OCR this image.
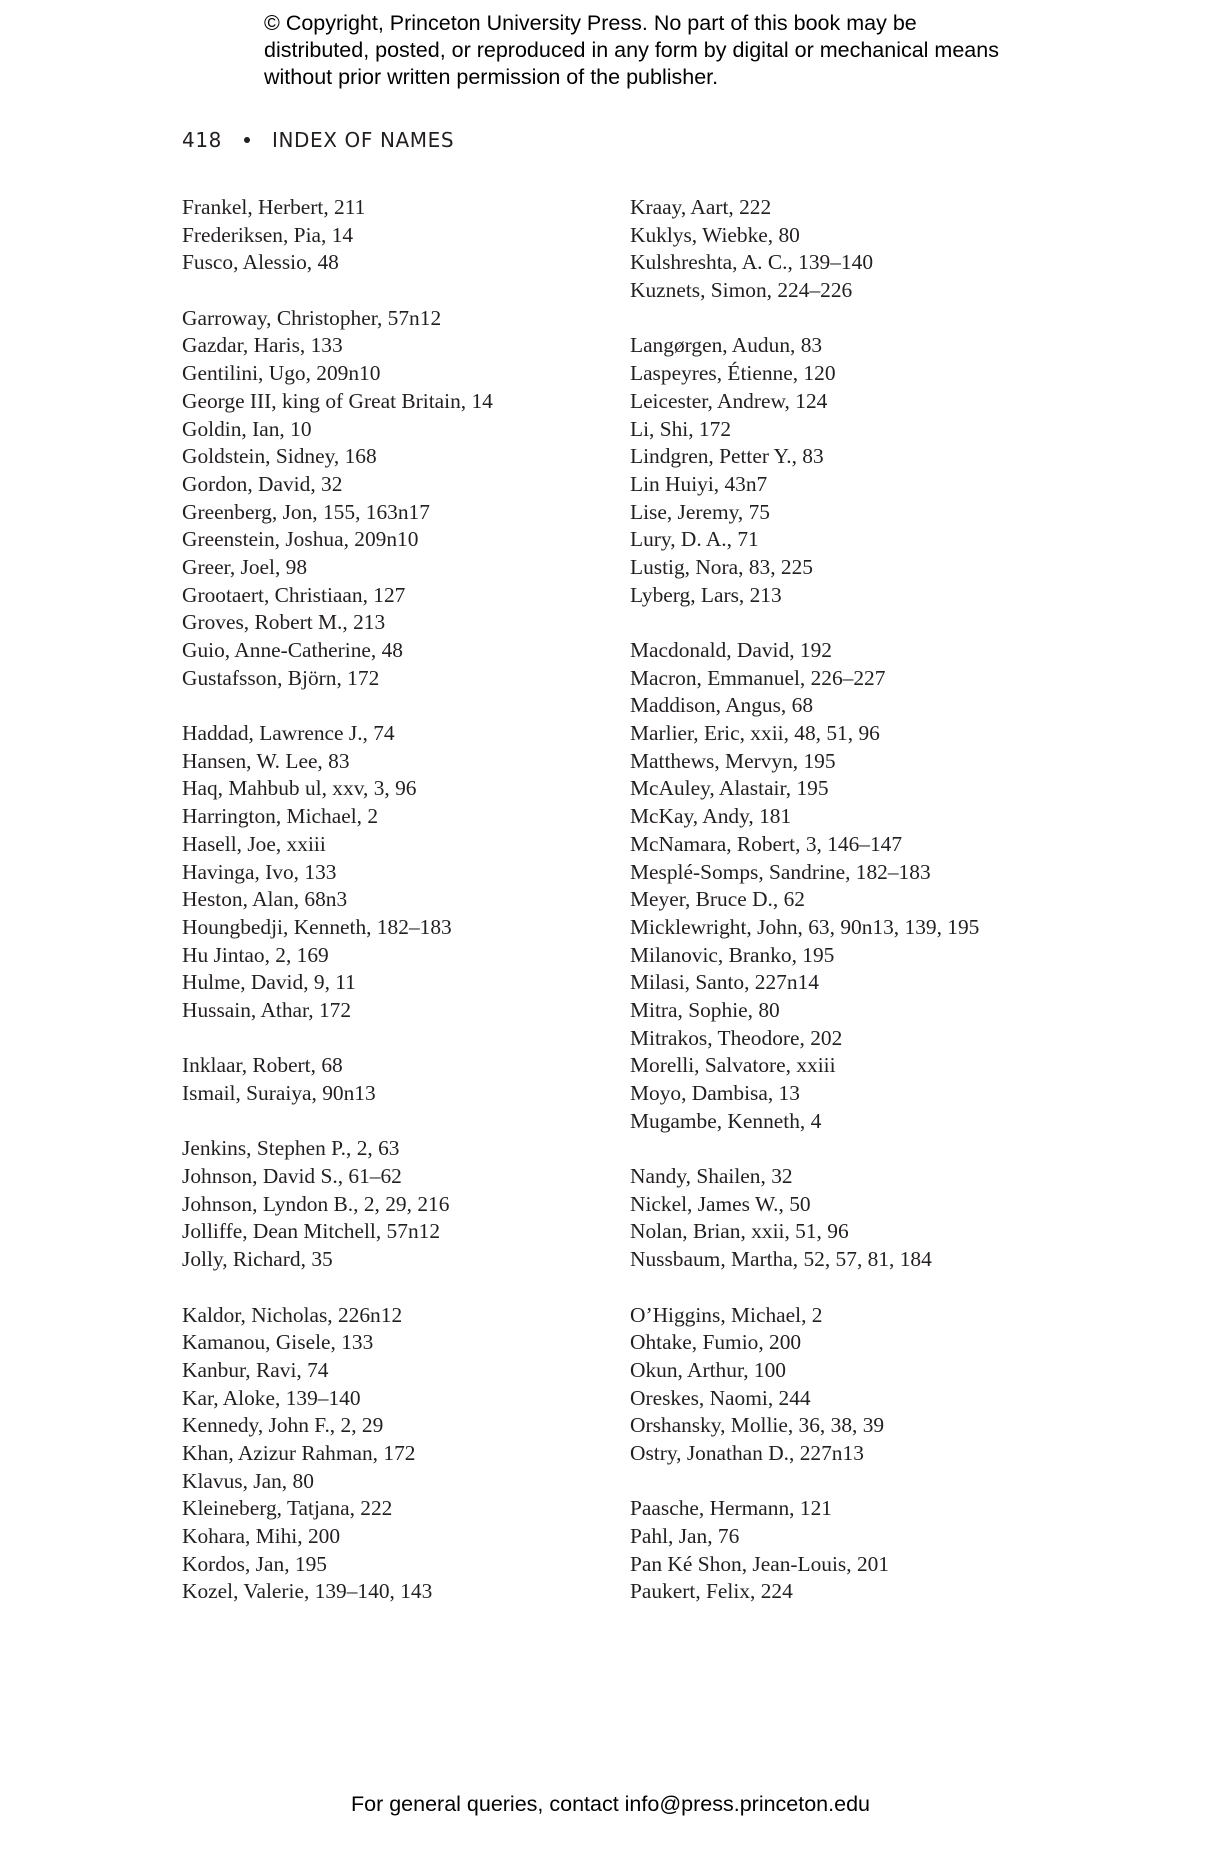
© Copyright, Princeton University Press. No part of this book may be distributed, posted, or reproduced in any form by digital or mechanical means without prior written permission of the publisher.

418	INDEX OF NAMES
Frankel, Herbert, 211
Frederiksen, Pia, 14
Fusco, Alessio, 48
Garroway, Christopher, 57n12
Gazdar, Haris, 133
Gentilini, Ugo, 209n10
George III, king of Great Britain, 14
Goldin, Ian, 10
Goldstein, Sidney, 168
Gordon, David, 32
Greenberg, Jon, 155, 163n17
Greenstein, Joshua, 209n10
Greer, Joel, 98
Grootaert, Christiaan, 127
Groves, Robert M., 213
Guio, Anne-Catherine, 48
Gustafsson, Björn, 172
Haddad, Lawrence J., 74
Hansen, W. Lee, 83
Haq, Mahbub ul, xxv, 3, 96
Harrington, Michael, 2
Hasell, Joe, xxiii
Havinga, Ivo, 133
Heston, Alan, 68n3
Houngbedji, Kenneth, 182–183
Hu Jintao, 2, 169
Hulme, David, 9, 11
Hussain, Athar, 172
Inklaar, Robert, 68
Ismail, Suraiya, 90n13
Jenkins, Stephen P., 2, 63
Johnson, David S., 61–62
Johnson, Lyndon B., 2, 29, 216
Jolliffe, Dean Mitchell, 57n12
Jolly, Richard, 35
Kaldor, Nicholas, 226n12
Kamanou, Gisele, 133
Kanbur, Ravi, 74
Kar, Aloke, 139–140
Kennedy, John F., 2, 29
Khan, Azizur Rahman, 172
Klavus, Jan, 80
Kleineberg, Tatjana, 222
Kohara, Mihi, 200
Kordos, Jan, 195
Kozel, Valerie, 139–140, 143
Kraay, Aart, 222
Kuklys, Wiebke, 80
Kulshreshta, A. C., 139–140
Kuznets, Simon, 224–226
Langørgen, Audun, 83
Laspeyres, Étienne, 120
Leicester, Andrew, 124
Li, Shi, 172
Lindgren, Petter Y., 83
Lin Huiyi, 43n7
Lise, Jeremy, 75
Lury, D. A., 71
Lustig, Nora, 83, 225
Lyberg, Lars, 213
Macdonald, David, 192
Macron, Emmanuel, 226–227
Maddison, Angus, 68
Marlier, Eric, xxii, 48, 51, 96
Matthews, Mervyn, 195
McAuley, Alastair, 195
McKay, Andy, 181
McNamara, Robert, 3, 146–147
Mesplé-Somps, Sandrine, 182–183
Meyer, Bruce D., 62
Micklewright, John, 63, 90n13, 139, 195
Milanovic, Branko, 195
Milasi, Santo, 227n14
Mitra, Sophie, 80
Mitrakos, Theodore, 202
Morelli, Salvatore, xxiii
Moyo, Dambisa, 13
Mugambe, Kenneth, 4
Nandy, Shailen, 32
Nickel, James W., 50
Nolan, Brian, xxii, 51, 96
Nussbaum, Martha, 52, 57, 81, 184
O’Higgins, Michael, 2
Ohtake, Fumio, 200
Okun, Arthur, 100
Oreskes, Naomi, 244
Orshansky, Mollie, 36, 38, 39
Ostry, Jonathan D., 227n13
Paasche, Hermann, 121
Pahl, Jan, 76
Pan Ké Shon, Jean-Louis, 201
Paukert, Felix, 224
For general queries, contact info@press.princeton.edu
